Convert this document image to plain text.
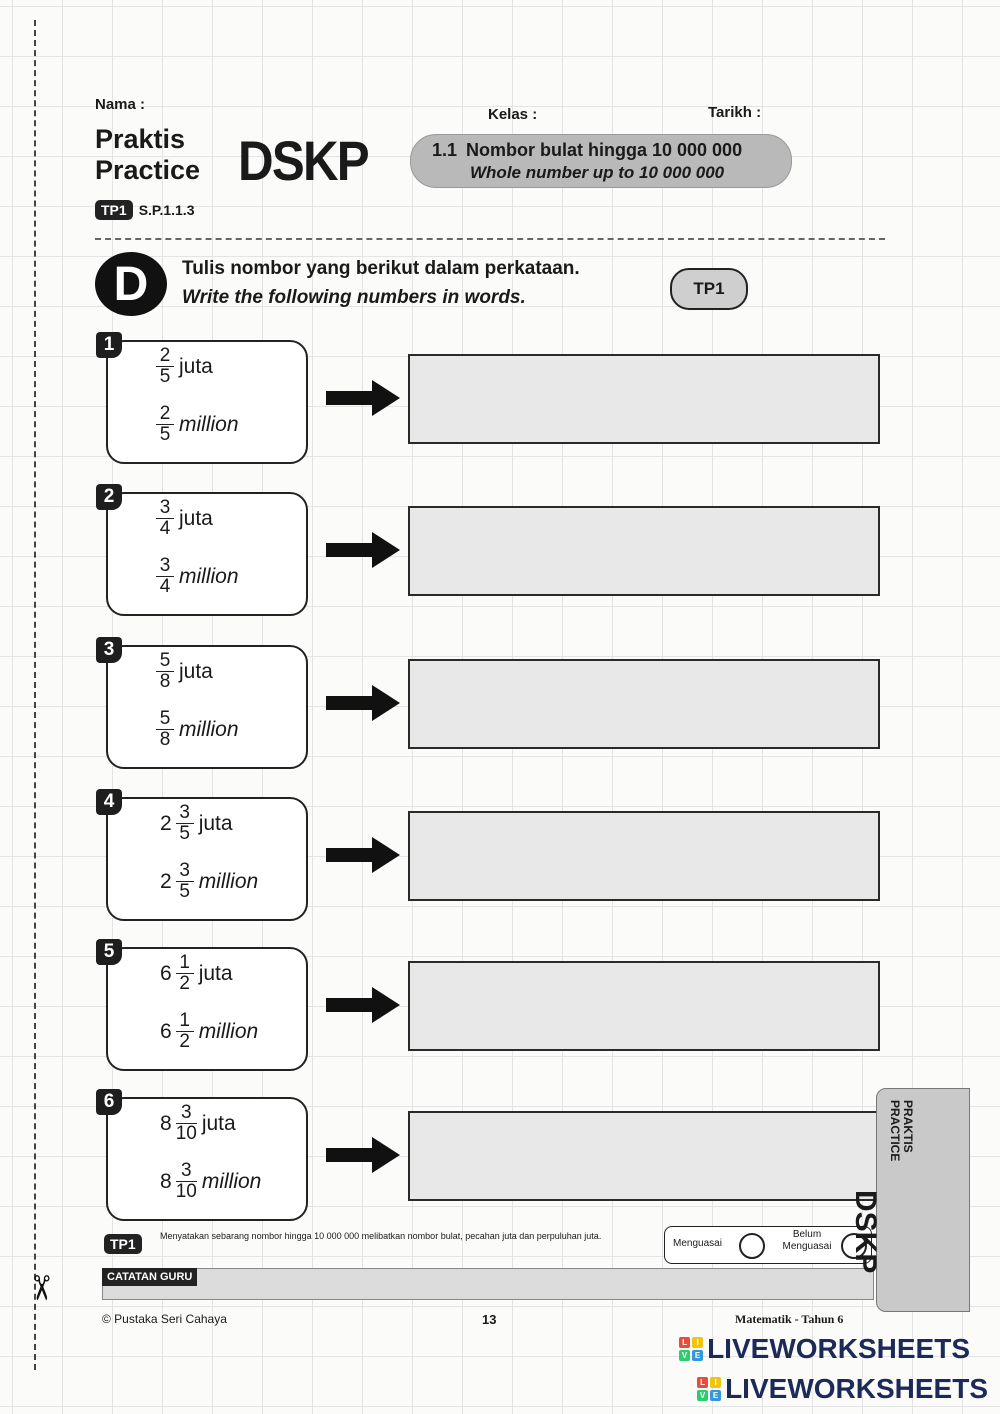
✂
Nama :
Kelas :	Tarikh :
Praktis
Practice DSKP	1.1 Nombor bulat hingga 10 000 000
Whole number up to 10 000 000
TP1 S.P.1.1.3
D	Tulis nombor yang berikut dalam perkataan.
Write the following numbers in words.	TP1
$\frac{2}{5}$ juta
$\frac{2}{5}$ million
1
$\frac{3}{4}$ juta
$\frac{3}{4}$ million
2
$\frac{5}{8}$ juta
$\frac{5}{8}$ million
3
$2 \frac{3}{5}$ juta
$2 \frac{3}{5}$ million
4
$6 \frac{1}{2}$ juta
$6 \frac{1}{2}$ million
5
$8 \frac{3}{10}$ juta
$8 \frac{3}{10}$ million
6
TP1	Menyatakan sebarang nombor hingga 10 000 000 melibatkan nombor bulat, pecahan juta dan perpuluhan juta.
Menguasai
Belum
Menguasai
CATATAN GURU
© Pustaka Seri Cahaya	13	Matematik - Tahun 6
PRAKTIS
PRACTICE
DSKP
L	I
V E LIVEWORKSHEETS
L	I
V E LIVEWORKSHEETS
